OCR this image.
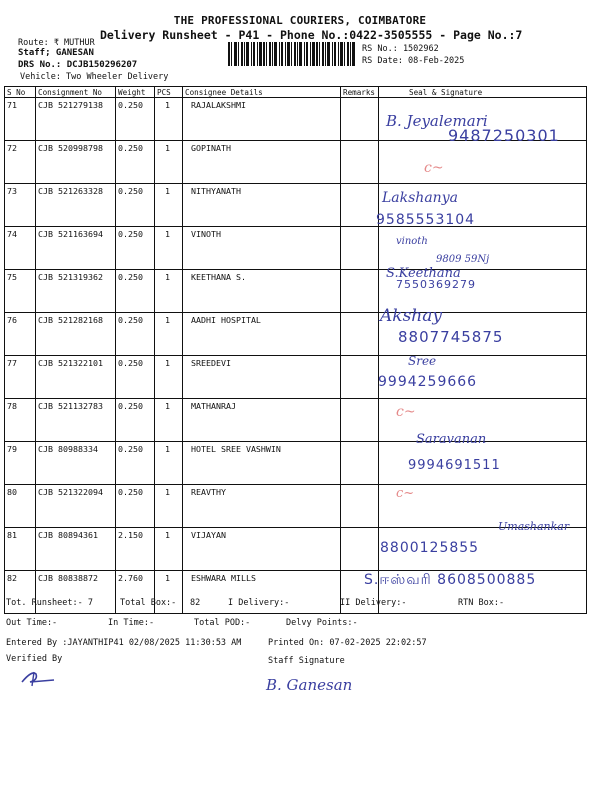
THE PROFESSIONAL COURIERS, COIMBATORE
Delivery Runsheet - P41 - Phone No.:0422-3505555 - Page No.:7
Route: ₹ MUTHUR
Staff; GANESAN
DRS No.: DCJB150296207
Vehicle: Two Wheeler Delivery
RS No.: 1502962
RS Date: 08-Feb-2025
S No	Consignment No	Weight	PCS	Consignee Details	Remarks	Seal & Signature
71	CJB 521279138	0.250	1	RAJALAKSHMI		
72	CJB 520998798	0.250	1	GOPINATH		
73	CJB 521263328	0.250	1	NITHYANATH		
74	CJB 521163694	0.250	1	VINOTH		
75	CJB 521319362	0.250	1	KEETHANA S.		
76	CJB 521282168	0.250	1	AADHI HOSPITAL		
77	CJB 521322101	0.250	1	SREEDEVI		
78	CJB 521132783	0.250	1	MATHANRAJ		
79	CJB 80988334	0.250	1	HOTEL SREE VASHWIN		
80	CJB 521322094	0.250	1	REAVTHY		
81	CJB 80894361	2.150	1	VIJAYAN		
82	CJB 80838872	2.760	1	ESHWARA MILLS		
B. Jeyalemari
9487250301
c~
Lakshanya
9585553104
vinoth
9809 59Nj
S.Keethana
7550369279
Akshay
8807745875
Sree
9994259666
c~
Saravanan
9994691511
c~
Umashankar
8800125855
S.ஈஸ்வரி 8608500885
Tot. Runsheet:- 7	Total Box:- 82	I Delivery:-	II Delivery:-	RTN Box:-
Out Time:-	In Time:-	Total POD:-	Delvy Points:-
Entered By :JAYANTHIP41 02/08/2025 11:30:53 AM	Printed On: 07-02-2025 22:02:57
Verified By	Staff Signature
B. Ganesan
